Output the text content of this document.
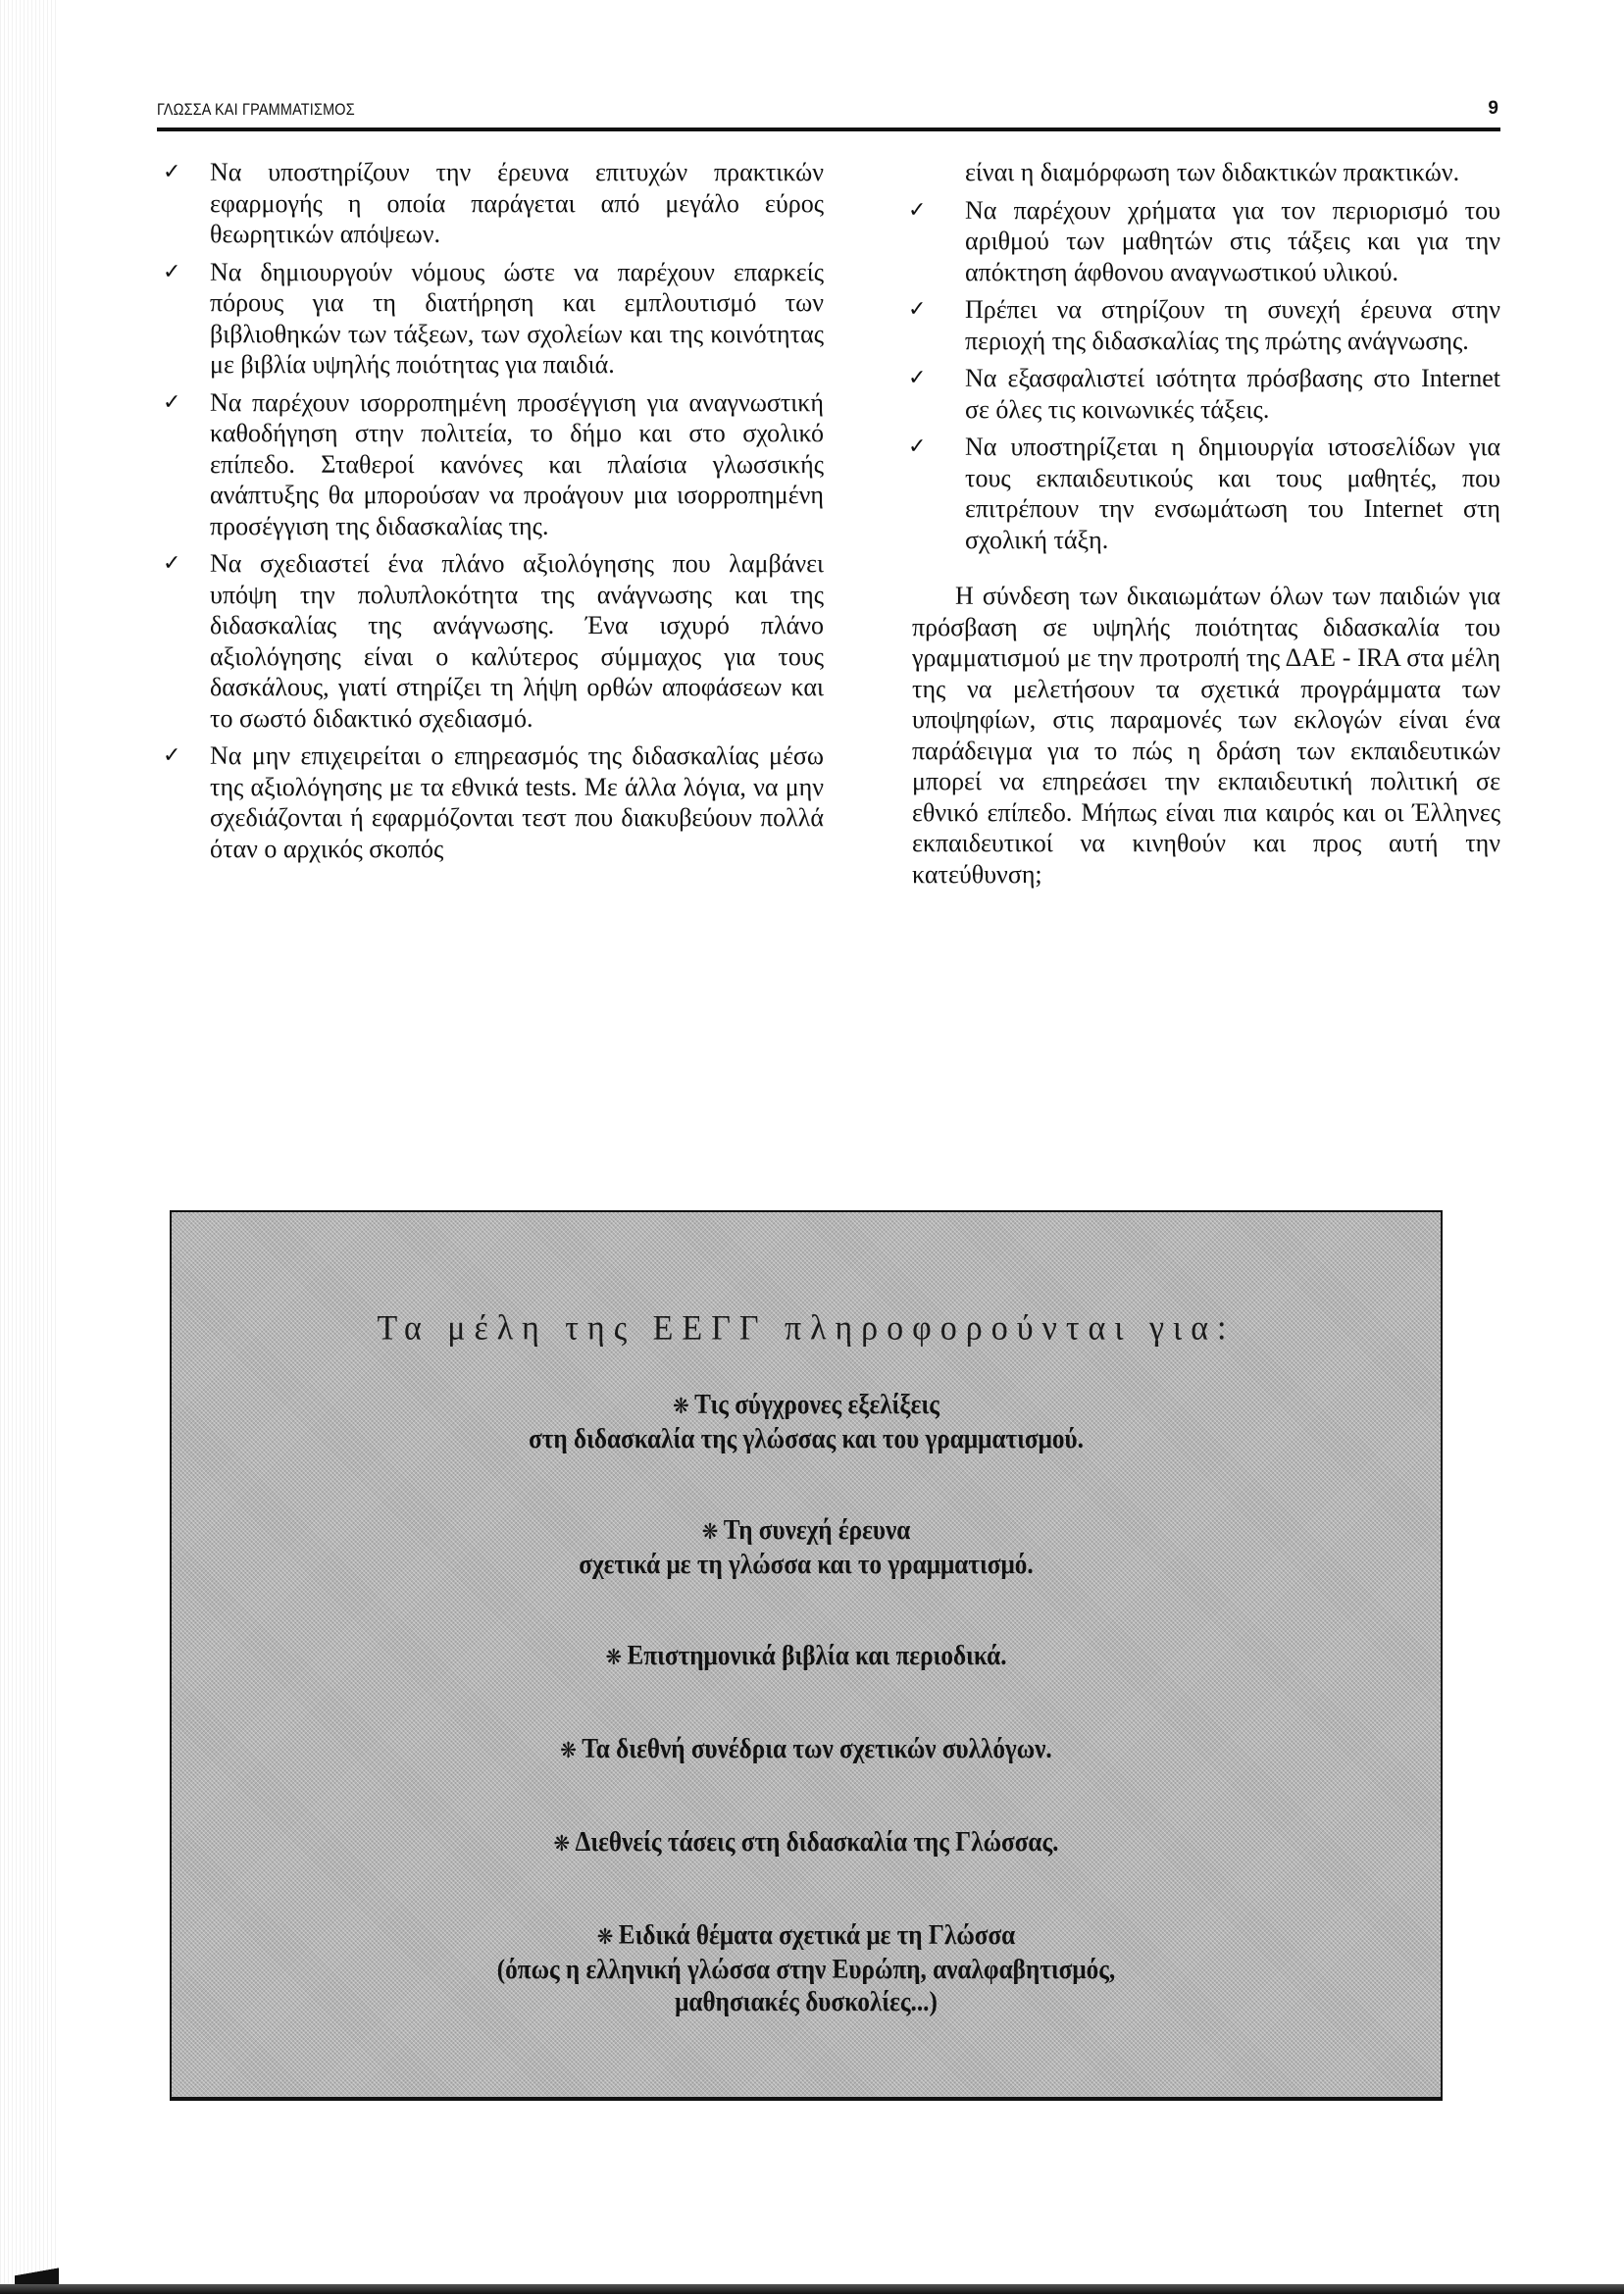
ΓΛΩΣΣΑ ΚΑΙ ΓΡΑΜΜΑΤΙΣΜΟΣ	9
✓ Να υποστηρίζουν την έρευνα επιτυχών πρακτικών εφαρμογής η οποία παράγεται από μεγάλο εύρος θεωρητικών απόψεων.
✓ Να δημιουργούν νόμους ώστε να παρέχουν επαρκείς πόρους για τη διατήρηση και εμπλουτισμό των βιβλιοθηκών των τάξεων, των σχολείων και της κοινότητας με βιβλία υψηλής ποιότητας για παιδιά.
✓ Να παρέχουν ισορροπημένη προσέγγιση για αναγνωστική καθοδήγηση στην πολιτεία, το δήμο και στο σχολικό επίπεδο. Σταθεροί κανόνες και πλαίσια γλωσσικής ανάπτυξης θα μπορούσαν να προάγουν μια ισορροπημένη προσέγγιση της διδασκαλίας της.
✓ Να σχεδιαστεί ένα πλάνο αξιολόγησης που λαμβάνει υπόψη την πολυπλοκότητα της ανάγνωσης και της διδασκαλίας της ανάγνωσης. Ένα ισχυρό πλάνο αξιολόγησης είναι ο καλύτερος σύμμαχος για τους δασκάλους, γιατί στηρίζει τη λήψη ορθών αποφάσεων και το σωστό διδακτικό σχεδιασμό.
✓ Να μην επιχειρείται ο επηρεασμός της διδασκαλίας μέσω της αξιολόγησης με τα εθνικά tests. Με άλλα λόγια, να μην σχεδιάζονται ή εφαρμόζονται τεστ που διακυβεύουν πολλά όταν ο αρχικός σκοπός
είναι η διαμόρφωση των διδακτικών πρακτικών.
✓ Να παρέχουν χρήματα για τον περιορισμό του αριθμού των μαθητών στις τάξεις και για την απόκτηση άφθονου αναγνωστικού υλικού.
✓ Πρέπει να στηρίζουν τη συνεχή έρευνα στην περιοχή της διδασκαλίας της πρώτης ανάγνωσης.
✓ Να εξασφαλιστεί ισότητα πρόσβασης στο Internet σε όλες τις κοινωνικές τάξεις.
✓ Να υποστηρίζεται η δημιουργία ιστοσελίδων για τους εκπαιδευτικούς και τους μαθητές, που επιτρέπουν την ενσωμάτωση του Internet στη σχολική τάξη.

Η σύνδεση των δικαιωμάτων όλων των παιδιών για πρόσβαση σε υψηλής ποιότητας διδασκαλία του γραμματισμού με την προτροπή της ΔΑΕ - IRA στα μέλη της να μελετήσουν τα σχετικά προγράμματα των υποψηφίων, στις παραμονές των εκλογών είναι ένα παράδειγμα για το πώς η δράση των εκπαιδευτικών μπορεί να επηρεάσει την εκπαιδευτική πολιτική σε εθνικό επίπεδο. Μήπως είναι πια καιρός και οι Έλληνες εκπαιδευτικοί να κινηθούν και προς αυτή την κατεύθυνση;

Τα μέλη της ΕΕΓΓ πληροφορούνται για:
❋ Τις σύγχρονες εξελίξεις
στη διδασκαλία της γλώσσας και του γραμματισμού.
❋ Τη συνεχή έρευνα
σχετικά με τη γλώσσα και το γραμματισμό.
❋ Επιστημονικά βιβλία και περιοδικά.
❋ Τα διεθνή συνέδρια των σχετικών συλλόγων.
❋ Διεθνείς τάσεις στη διδασκαλία της Γλώσσας.
❋ Ειδικά θέματα σχετικά με τη Γλώσσα
(όπως η ελληνική γλώσσα στην Ευρώπη, αναλφαβητισμός,
μαθησιακές δυσκολίες...)
